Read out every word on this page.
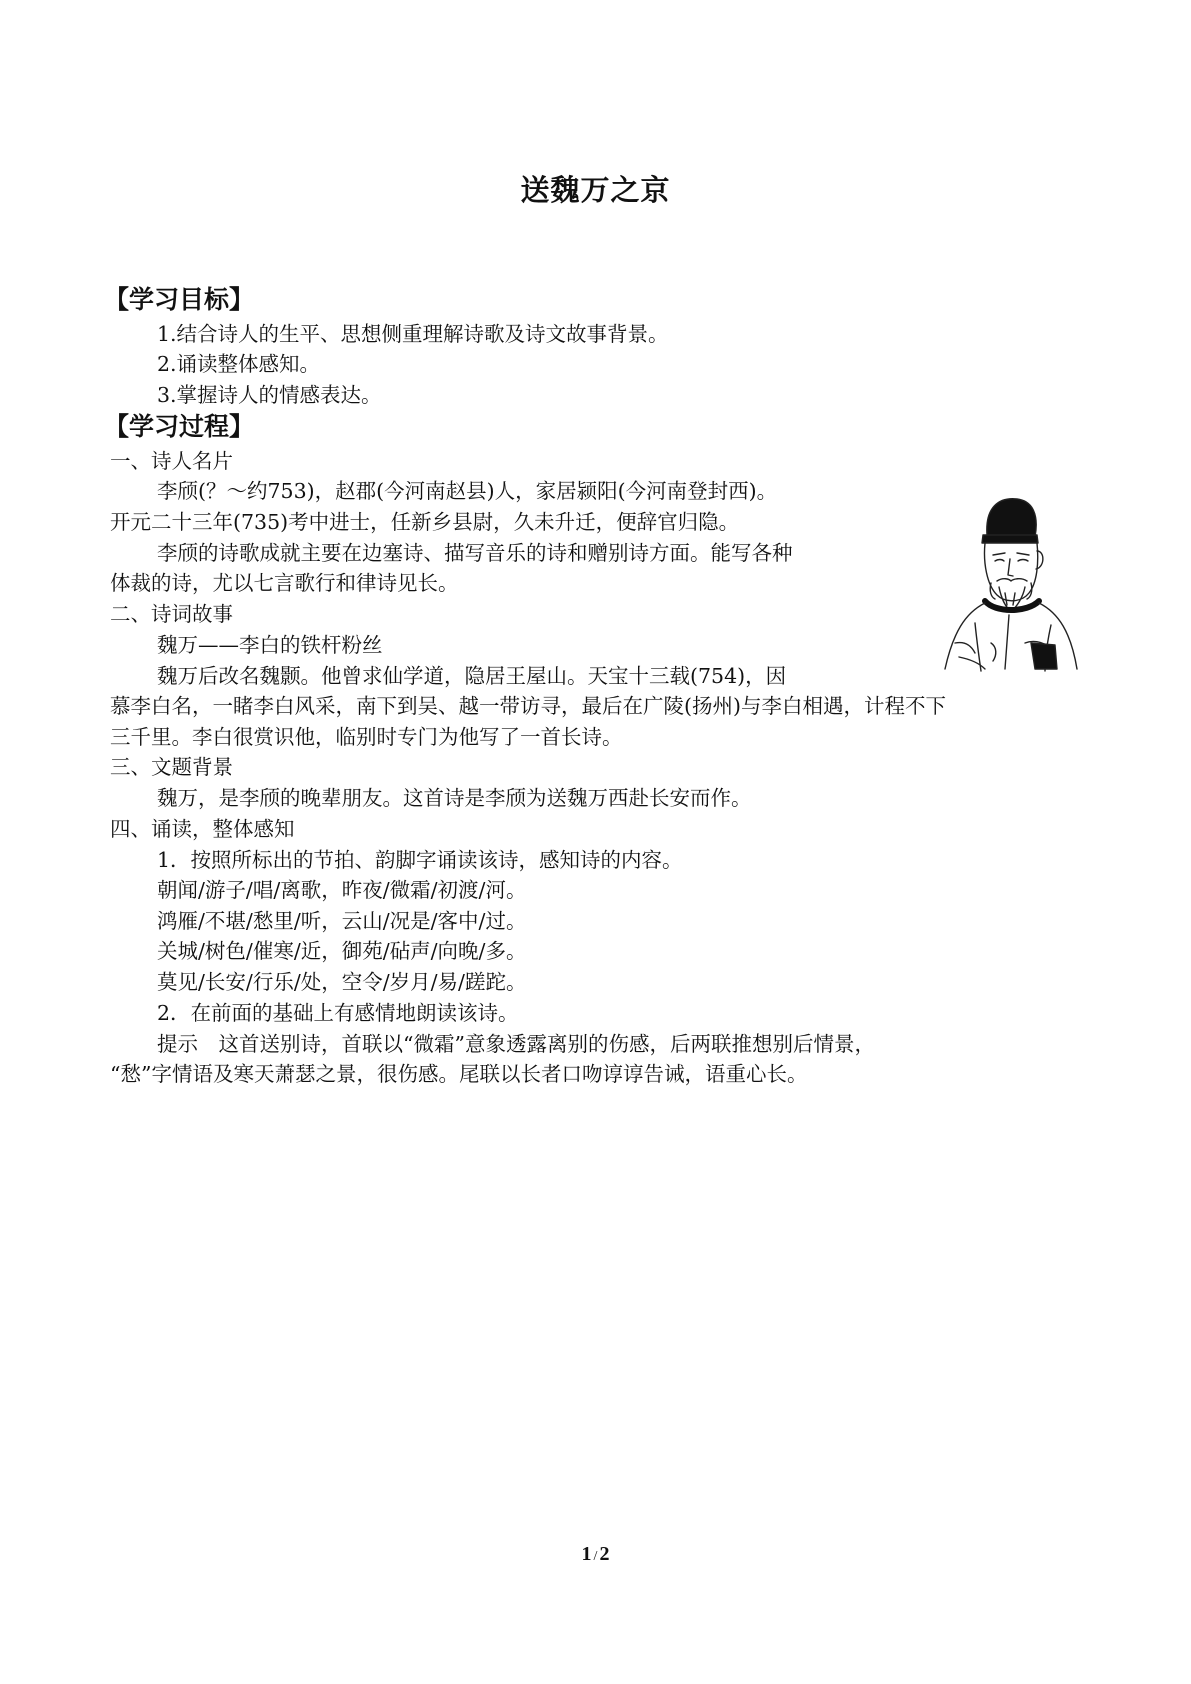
送魏万之京
【学习目标】
1.结合诗人的生平、思想侧重理解诗歌及诗文故事背景。
2.诵读整体感知。
3.掌握诗人的情感表达。
【学习过程】
一、诗人名片
李颀(？～约753)，赵郡(今河南赵县)人，家居颍阳(今河南登封西)。
开元二十三年(735)考中进士，任新乡县尉，久未升迁，便辞官归隐。
李颀的诗歌成就主要在边塞诗、描写音乐的诗和赠别诗方面。能写各种
体裁的诗，尤以七言歌行和律诗见长。
二、诗词故事
魏万——李白的铁杆粉丝
魏万后改名魏颢。他曾求仙学道，隐居王屋山。天宝十三载(754)，因
慕李白名，一睹李白风采，南下到吴、越一带访寻，最后在广陵(扬州)与李白相遇，计程不下
三千里。李白很赏识他，临别时专门为他写了一首长诗。
三、文题背景
魏万，是李颀的晚辈朋友。这首诗是李颀为送魏万西赴长安而作。
四、诵读，整体感知
1．按照所标出的节拍、韵脚字诵读该诗，感知诗的内容。
朝闻/游子/唱/离歌，昨夜/微霜/初渡/河。
鸿雁/不堪/愁里/听，云山/况是/客中/过。
关城/树色/催寒/近，御苑/砧声/向晚/多。
莫见/长安/行乐/处，空令/岁月/易/蹉跎。
2．在前面的基础上有感情地朗读该诗。
提示　这首送别诗，首联以“微霜”意象透露离别的伤感，后两联推想别后情景，
“愁”字情语及寒天萧瑟之景，很伤感。尾联以长者口吻谆谆告诫，语重心长。
1 / 2
